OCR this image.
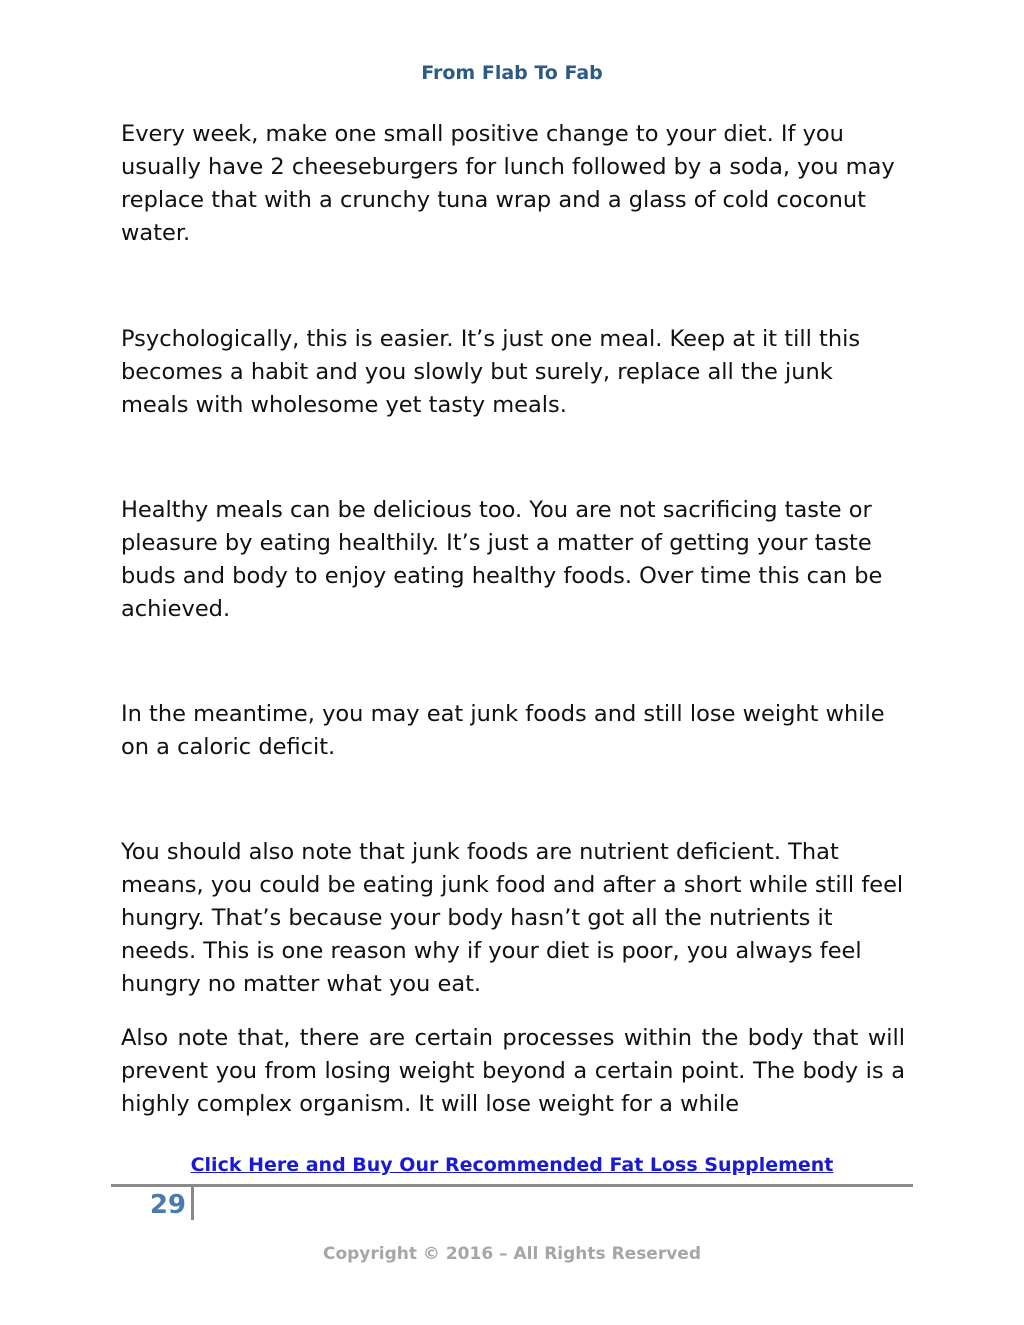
From Flab To Fab

Every week, make one small positive change to your diet. If you usually have 2 cheeseburgers for lunch followed by a soda, you may replace that with a crunchy tuna wrap and a glass of cold coconut water.

Psychologically, this is easier. It’s just one meal. Keep at it till this becomes a habit and you slowly but surely, replace all the junk meals with wholesome yet tasty meals.

Healthy meals can be delicious too. You are not sacrificing taste or pleasure by eating healthily. It’s just a matter of getting your taste buds and body to enjoy eating healthy foods. Over time this can be achieved.

In the meantime, you may eat junk foods and still lose weight while on a caloric deficit.

You should also note that junk foods are nutrient deficient. That means, you could be eating junk food and after a short while still feel hungry. That’s because your body hasn’t got all the nutrients it needs. This is one reason why if your diet is poor, you always feel hungry no matter what you eat.

Also note that, there are certain processes within the body that will prevent you from losing weight beyond a certain point. The body is a highly complex organism. It will lose weight for a while

Click Here and Buy Our Recommended Fat Loss Supplement
29
Copyright © 2016 – All Rights Reserved
